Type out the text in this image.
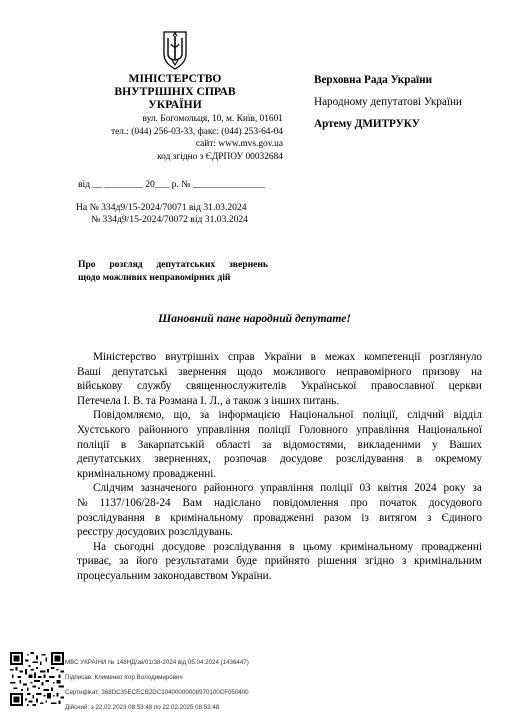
МІНІСТЕРСТВО
ВНУТРІШНІХ СПРАВ
УКРАЇНИ
вул. Богомольця, 10, м. Київ, 01601
тел.: (044) 256-03-33, факс: (044) 253-64-04
сайт: www.mvs.gov.ua
код згідно з ЄДРПОУ 00032684
Верховна Рада України
Народному депутатові України
Артему ДМИТРУКУ
від __ ________ 20___ р. № _______________
На № 334д9/15-2024/70071 від 31.03.2024
№ 334д9/15-2024/70072 від 31.03.2024
Про розгляд депутатських звернень
щодо можливих неправомірних дій
Шановний пане народний депутате!
Міністерство внутрішніх справ України в межах компетенції розглянуло
Ваші депутатські звернення щодо можливого неправомірного призову на
військову службу священнослужителів Української православної церкви
Петечела І. В. та Розмана І. Л., а також з інших питань.
Повідомляємо, що, за інформацією Національної поліції, слідчий відділ
Хустського районного управління поліції Головного управління Національної
поліції в Закарпатській області за відомостями, викладеними у Ваших
депутатських зверненнях, розпочав досудове розслідування в окремому
кримінальному провадженні.
Слідчим зазначеного районного управління поліції 03 квітня 2024 року за
№ 1137/106/28-24 Вам надіслано повідомлення про початок досудового
розслідування в кримінальному провадженні разом із витягом з Єдиного
реєстру досудових розслідувань.
На сьогодні досудове розслідування в цьому кримінальному провадженні
триває, за його результатами буде прийнято рішення згідно з кримінальним
процесуальним законодавством України.
МВС УКРАЇНИ № 148НД/зв/01/38-2024 від 05.04.2024 (1436447)
Підписав: Клименко Ігор Володимирович
Сертифікат: 368DC35ECECB2DC10400000008970100CF050400
Дійсний: з 22.02.2023 08:53:48 по 22.02.2025 08:53:48
